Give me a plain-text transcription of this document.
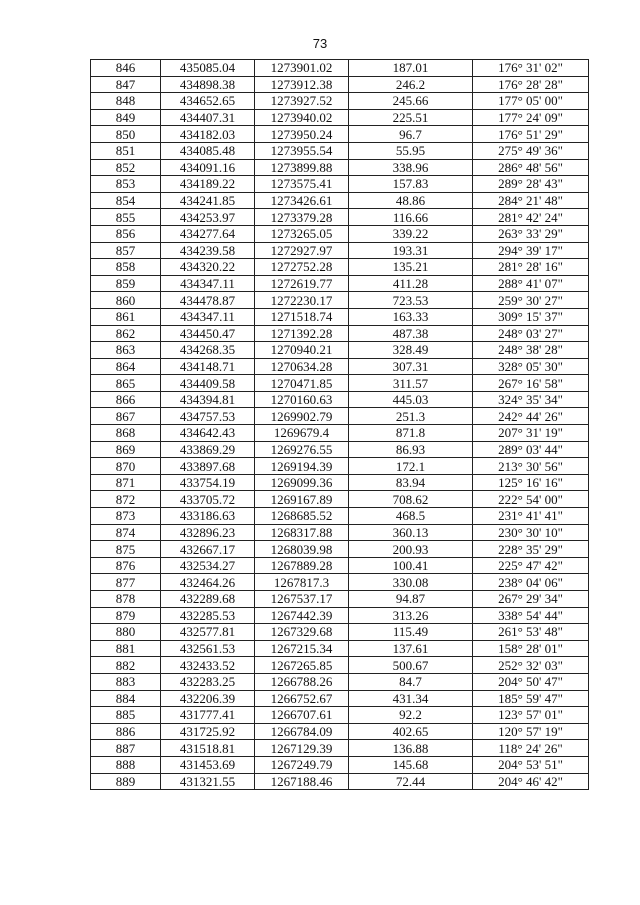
73
846	435085.04	1273901.02	187.01	176° 31' 02"
847	434898.38	1273912.38	246.2	176° 28' 28"
848	434652.65	1273927.52	245.66	177° 05' 00"
849	434407.31	1273940.02	225.51	177° 24' 09"
850	434182.03	1273950.24	96.7	176° 51' 29"
851	434085.48	1273955.54	55.95	275° 49' 36"
852	434091.16	1273899.88	338.96	286° 48' 56"
853	434189.22	1273575.41	157.83	289° 28' 43"
854	434241.85	1273426.61	48.86	284° 21' 48"
855	434253.97	1273379.28	116.66	281° 42' 24"
856	434277.64	1273265.05	339.22	263° 33' 29"
857	434239.58	1272927.97	193.31	294° 39' 17"
858	434320.22	1272752.28	135.21	281° 28' 16"
859	434347.11	1272619.77	411.28	288° 41' 07"
860	434478.87	1272230.17	723.53	259° 30' 27"
861	434347.11	1271518.74	163.33	309° 15' 37"
862	434450.47	1271392.28	487.38	248° 03' 27"
863	434268.35	1270940.21	328.49	248° 38' 28"
864	434148.71	1270634.28	307.31	328° 05' 30"
865	434409.58	1270471.85	311.57	267° 16' 58"
866	434394.81	1270160.63	445.03	324° 35' 34"
867	434757.53	1269902.79	251.3	242° 44' 26"
868	434642.43	1269679.4	871.8	207° 31' 19"
869	433869.29	1269276.55	86.93	289° 03' 44"
870	433897.68	1269194.39	172.1	213° 30' 56"
871	433754.19	1269099.36	83.94	125° 16' 16"
872	433705.72	1269167.89	708.62	222° 54' 00"
873	433186.63	1268685.52	468.5	231° 41' 41"
874	432896.23	1268317.88	360.13	230° 30' 10"
875	432667.17	1268039.98	200.93	228° 35' 29"
876	432534.27	1267889.28	100.41	225° 47' 42"
877	432464.26	1267817.3	330.08	238° 04' 06"
878	432289.68	1267537.17	94.87	267° 29' 34"
879	432285.53	1267442.39	313.26	338° 54' 44"
880	432577.81	1267329.68	115.49	261° 53' 48"
881	432561.53	1267215.34	137.61	158° 28' 01"
882	432433.52	1267265.85	500.67	252° 32' 03"
883	432283.25	1266788.26	84.7	204° 50' 47"
884	432206.39	1266752.67	431.34	185° 59' 47"
885	431777.41	1266707.61	92.2	123° 57' 01"
886	431725.92	1266784.09	402.65	120° 57' 19"
887	431518.81	1267129.39	136.88	118° 24' 26"
888	431453.69	1267249.79	145.68	204° 53' 51"
889	431321.55	1267188.46	72.44	204° 46' 42"
